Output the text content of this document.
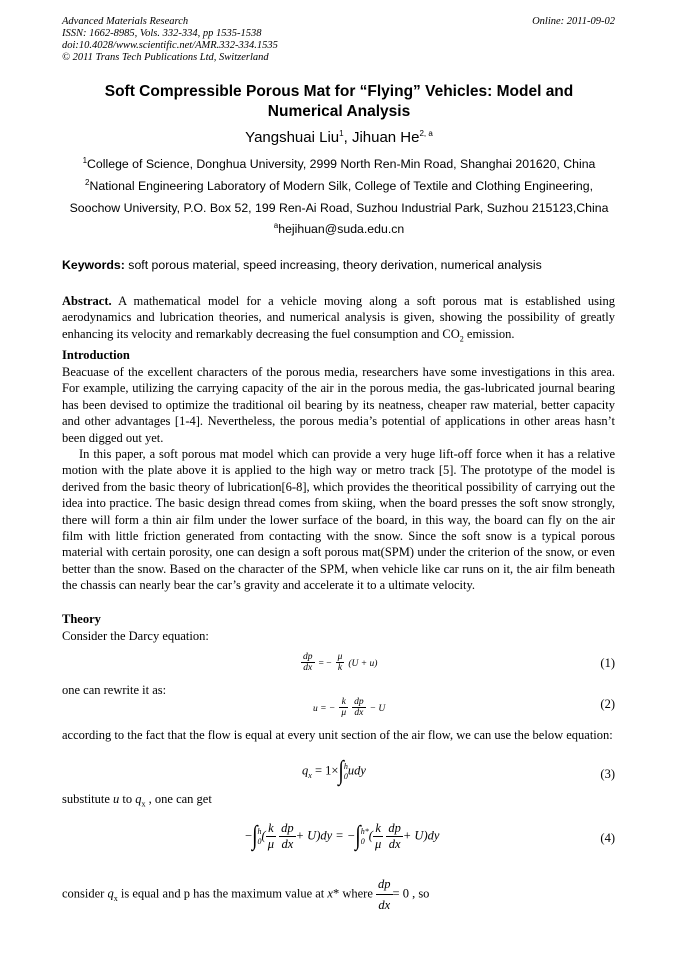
Advanced Materials Research
ISSN: 1662-8985, Vols. 332-334, pp 1535-1538
doi:10.4028/www.scientific.net/AMR.332-334.1535
© 2011 Trans Tech Publications Ltd, Switzerland
Online: 2011-09-02
Soft Compressible Porous Mat for “Flying” Vehicles: Model and
Numerical Analysis
Yangshuai Liu$^1$, Jihuan He$^{2, a}$
$^1$College of Science, Donghua University, 2999 North Ren-Min Road, Shanghai 201620, China
$^2$National Engineering Laboratory of Modern Silk, College of Textile and Clothing Engineering,
Soochow University, P.O. Box 52, 199 Ren-Ai Road, Suzhou Industrial Park, Suzhou 215123,China
$^a$hejihuan@suda.edu.cn
Keywords: soft porous material, speed increasing, theory derivation, numerical analysis

Abstract. A mathematical model for a vehicle moving along a soft porous mat is established using aerodynamics and lubrication theories, and numerical analysis is given, showing the possibility of greatly enhancing its velocity and remarkably decreasing the fuel consumption and $CO_2$ emission.

Introduction

Beacuase of the excellent characters of the porous media, researchers have some investigations in this area. For example, utilizing the carrying capacity of the air in the porous media, the gas-lubricated journal bearing has been devised to optimize the traditional oil bearing by its neatness, cheaper raw material, better capacity and other advantages [1-4]. Nevertheless, the porous media’s potential of applications in other areas hasn’t been digged out yet.

In this paper, a soft porous mat model which can provide a very huge lift-off force when it has a relative motion with the plate above it is applied to the high way or metro track [5]. The prototype of the model is derived from the basic theory of lubrication[6-8], which provides the theoritical possibility of carrying out the idea into practice. The basic design thread comes from skiing, when the board presses the soft snow strongly, there will form a thin air film under the lower surface of the board, in this way, the board can fly on the air film with little friction generated from contacting with the snow. Since the soft snow is a typical porous material with certain porosity, one can design a soft porous mat(SPM) under the criterion of the snow, or even better than the snow. Based on the character of the SPM, when vehicle like car runs on it, the air film beneath the chassis can nearly bear the car’s gravity and accelerate it to a ultimate velocity.

Theory
Consider the Darcy equation:
$\frac{dp}{dx}$ = − $\frac{\mu}{k} (U + u)$	(1)
one can rewrite it as:
u = − $\frac{k}{\mu}$
$\frac{dp}{dx} - U$	(2)
according to the fact that the flow is equal at every unit section of the air flow, we can use the below equation:
$q_x = 1\times\int$ h
0 udy	(3)
substitute u to $q_x$ , one can get
−∫ h
0 ( $\frac{k}{\mu}$
$\frac{dp}{dx} + U)dy$ = −∫ h*
0 ( $\frac{k}{\mu}$
$\frac{dp}{dx} + U)dy$	(4)
consider $q_x$ is equal and p has the maximum value at x* where $\frac{dp}{dx} = 0$ , so
